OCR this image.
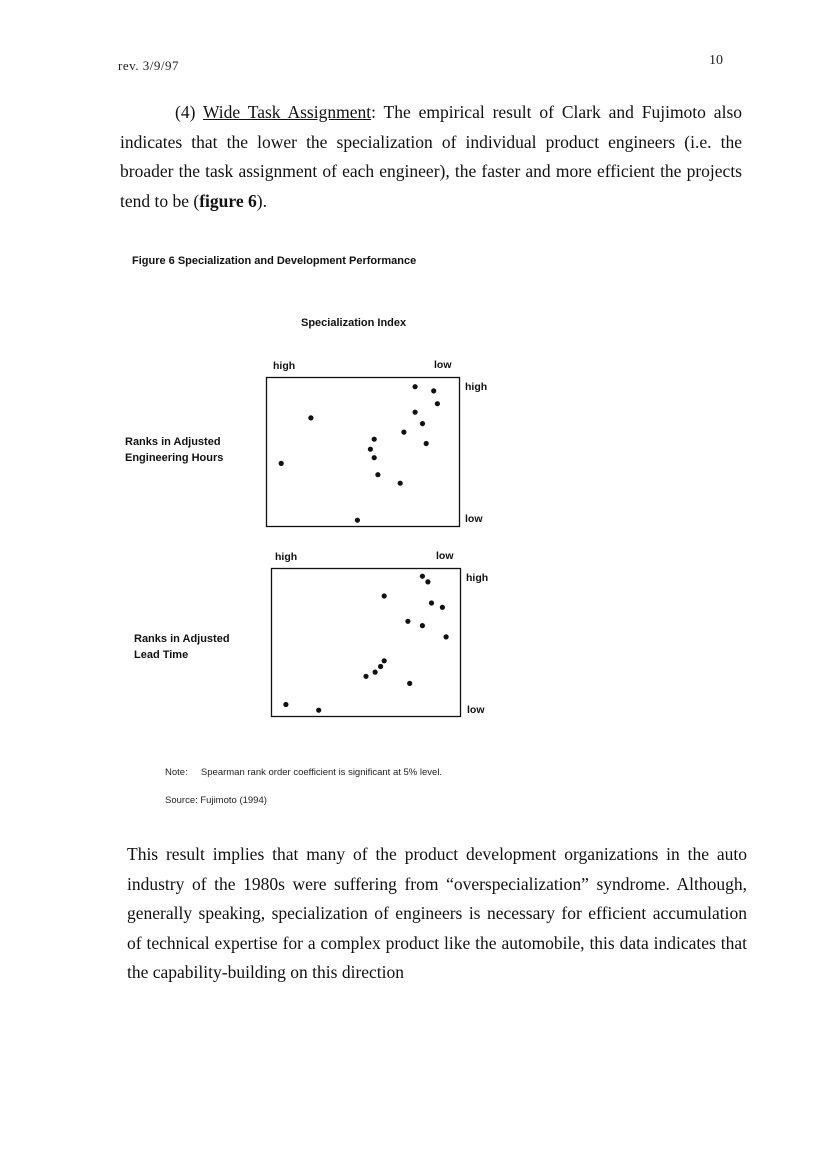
rev. 3/9/97	10

(4) Wide Task Assignment: The empirical result of Clark and Fujimoto also indicates that the lower the specialization of individual product engineers (i.e. the broader the task assignment of each engineer), the faster and more efficient the projects tend to be (figure 6).

Figure 6 Specialization and Development Performance
Specialization Index
high	low
high
low
Ranks in Adjusted Engineering Hours
high	low
high
low
Ranks in Adjusted Lead Time
Note: Spearman rank order coefficient is significant at 5% level.
Source: Fujimoto (1994)

This result implies that many of the product development organizations in the auto industry of the 1980s were suffering from “overspecialization” syndrome. Although, generally speaking, specialization of engineers is necessary for efficient accumulation of technical expertise for a complex product like the automobile, this data indicates that the capability-building on this direction
